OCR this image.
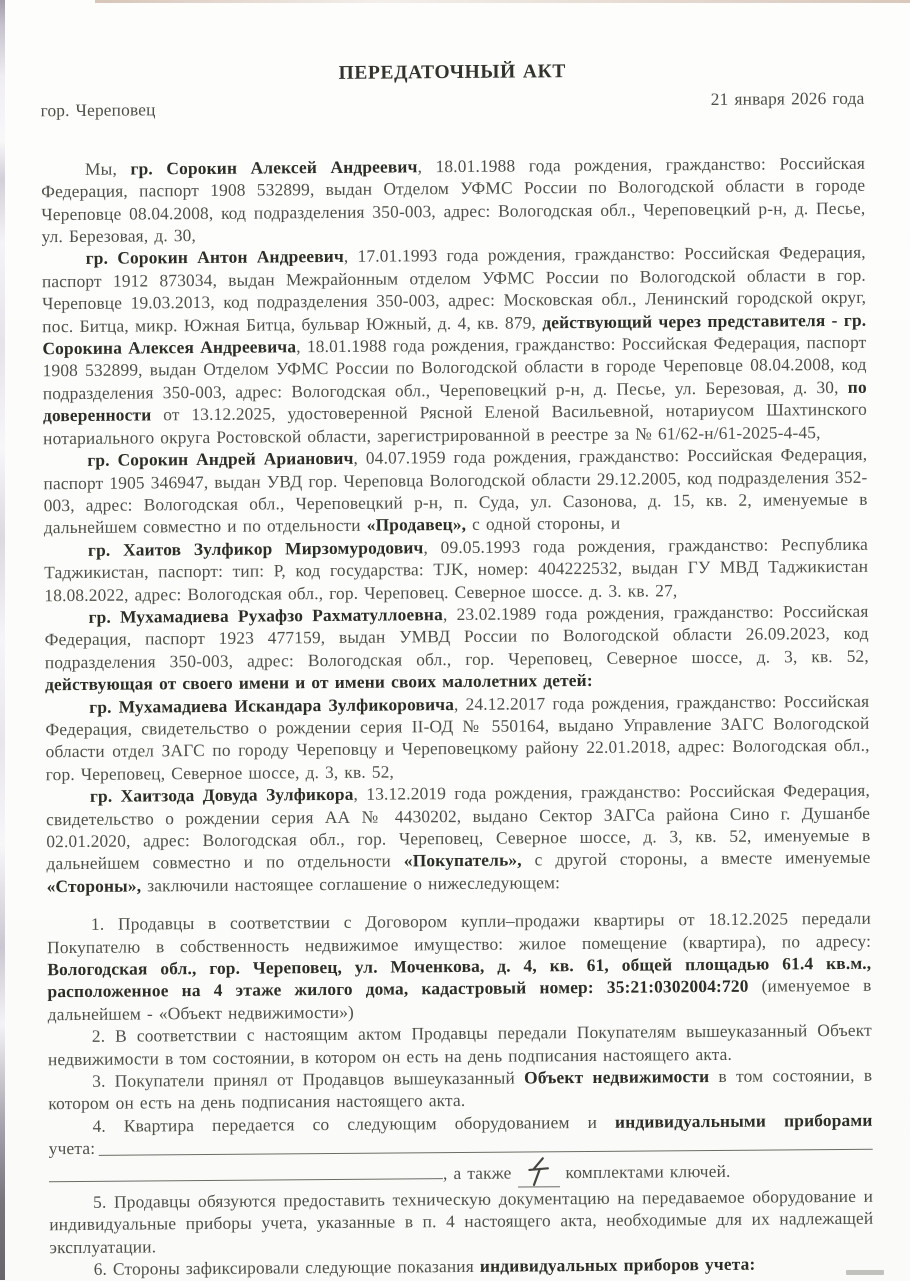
ПЕРЕДАТОЧНЫЙ АКТ
гор. Череповец
21 января 2026 года

Мы, гр. Сорокин Алексей Андреевич, 18.01.1988 года рождения, гражданство: Российская Федерация, паспорт 1908 532899, выдан Отделом УФМС России по Вологодской области в городе Череповце 08.04.2008, код подразделения 350-003, адрес: Вологодская обл., Череповецкий р-н, д. Песье, ул. Березовая, д. 30,

гр. Сорокин Антон Андреевич, 17.01.1993 года рождения, гражданство: Российская Федерация, паспорт 1912 873034, выдан Межрайонным отделом УФМС России по Вологодской области в гор. Череповце 19.03.2013, код подразделения 350-003, адрес: Московская обл., Ленинский городской округ, пос. Битца, микр. Южная Битца, бульвар Южный, д. 4, кв. 879, действующий через представителя - гр. Сорокина Алексея Андреевича, 18.01.1988 года рождения, гражданство: Российская Федерация, паспорт 1908 532899, выдан Отделом УФМС России по Вологодской области в городе Череповце 08.04.2008, код подразделения 350-003, адрес: Вологодская обл., Череповецкий р-н, д. Песье, ул. Березовая, д. 30, по доверенности от 13.12.2025, удостоверенной Рясной Еленой Васильевной, нотариусом Шахтинского нотариального округа Ростовской области, зарегистрированной в реестре за № 61/62-н/61-2025-4-45,

гр. Сорокин Андрей Арианович, 04.07.1959 года рождения, гражданство: Российская Федерация, паспорт 1905 346947, выдан УВД гор. Череповца Вологодской области 29.12.2005, код подразделения 352-003, адрес: Вологодская обл., Череповецкий р-н, п. Суда, ул. Сазонова, д. 15, кв. 2, именуемые в дальнейшем совместно и по отдельности «Продавец», с одной стороны, и

гр. Хаитов Зулфикор Мирзомуродович, 09.05.1993 года рождения, гражданство: Республика Таджикистан, паспорт: тип: Р, код государства: TJK, номер: 404222532, выдан ГУ МВД Таджикистан 18.08.2022, адрес: Вологодская обл., гор. Череповец. Северное шоссе. д. 3. кв. 27,

гр. Мухамадиева Рухафзо Рахматуллоевна, 23.02.1989 года рождения, гражданство: Российская Федерация, паспорт 1923 477159, выдан УМВД России по Вологодской области 26.09.2023, код подразделения 350-003, адрес: Вологодская обл., гор. Череповец, Северное шоссе, д. 3, кв. 52, действующая от своего имени и от имени своих малолетних детей:

гр. Мухамадиева Искандара Зулфикоровича, 24.12.2017 года рождения, гражданство: Российская Федерация, свидетельство о рождении серия II-ОД № 550164, выдано Управление ЗАГС Вологодской области отдел ЗАГС по городу Череповцу и Череповецкому району 22.01.2018, адрес: Вологодская обл., гор. Череповец, Северное шоссе, д. 3, кв. 52,

гр. Хаитзода Довуда Зулфикора, 13.12.2019 года рождения, гражданство: Российская Федерация, свидетельство о рождении серия АА № 4430202, выдано Сектор ЗАГСа района Сино г. Душанбе 02.01.2020, адрес: Вологодская обл., гор. Череповец, Северное шоссе, д. 3, кв. 52, именуемые в дальнейшем совместно и по отдельности «Покупатель», с другой стороны, а вместе именуемые «Стороны», заключили настоящее соглашение о нижеследующем:

1. Продавцы в соответствии с Договором купли–продажи квартиры от 18.12.2025 передали Покупателю в собственность недвижимое имущество: жилое помещение (квартира), по адресу: Вологодская обл., гор. Череповец, ул. Моченкова, д. 4, кв. 61, общей площадью 61.4 кв.м., расположенное на 4 этаже жилого дома, кадастровый номер: 35:21:0302004:720 (именуемое в дальнейшем - «Объект недвижимости»)

2. В соответствии с настоящим актом Продавцы передали Покупателям вышеуказанный Объект недвижимости в том состоянии, в котором он есть на день подписания настоящего акта.

3. Покупатели принял от Продавцов вышеуказанный Объект недвижимости в том состоянии, в котором он есть на день подписания настоящего акта.

4. Квартира передается со следующим оборудованием и индивидуальными приборами
учета:
, а также	комплектами ключей.

5. Продавцы обязуются предоставить техническую документацию на передаваемое оборудование и индивидуальные приборы учета, указанные в п. 4 настоящего акта, необходимые для их надлежащей эксплуатации.

6. Стороны зафиксировали следующие показания индивидуальных приборов учета:
